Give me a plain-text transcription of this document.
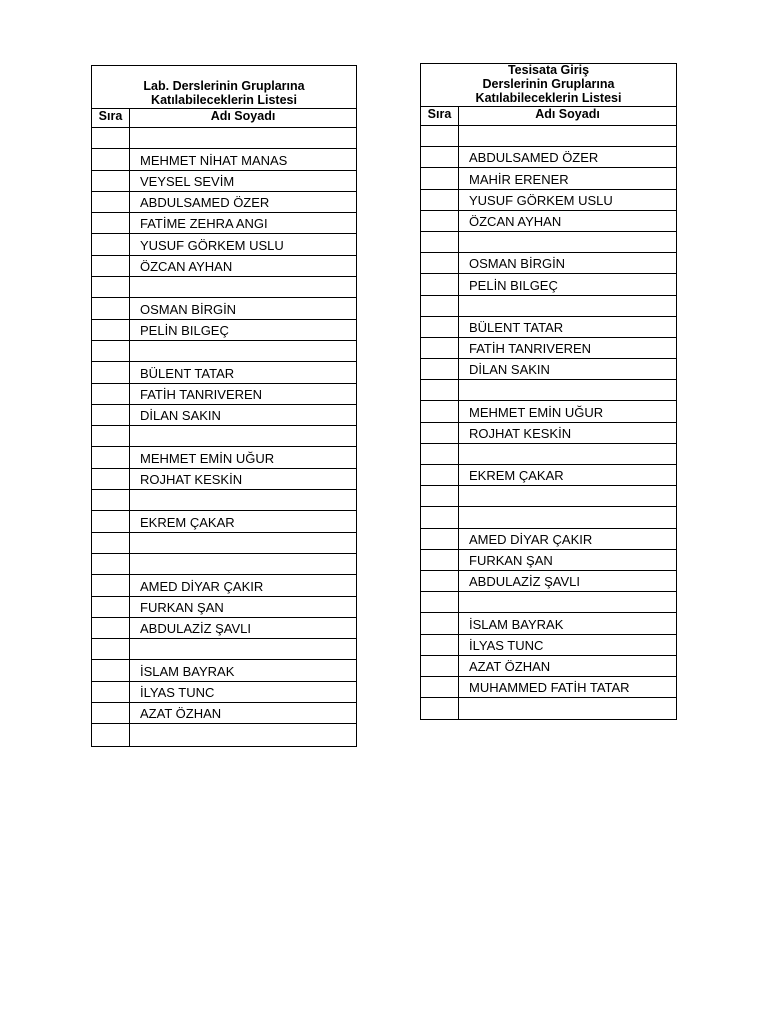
Lab. Derslerinin Gruplarına
Katılabileceklerin Listesi
Sıra	Adı Soyadı
MEHMET NİHAT MANAS
VEYSEL SEVİM
ABDULSAMED ÖZER
FATİME ZEHRA ANGI
YUSUF GÖRKEM USLU
ÖZCAN AYHAN
OSMAN BİRGİN
PELİN BILGEÇ
BÜLENT TATAR
FATİH TANRIVEREN
DİLAN SAKIN
MEHMET EMİN UĞUR
ROJHAT KESKİN
EKREM ÇAKAR
AMED DİYAR ÇAKIR
FURKAN ŞAN
ABDULAZİZ ŞAVLI
İSLAM BAYRAK
İLYAS TUNC
AZAT ÖZHAN
Tesisata Giriş
Derslerinin Gruplarına
Katılabileceklerin Listesi
Sıra	Adı Soyadı
ABDULSAMED ÖZER
MAHİR ERENER
YUSUF GÖRKEM USLU
ÖZCAN AYHAN
OSMAN BİRGİN
PELİN BILGEÇ
BÜLENT TATAR
FATİH TANRIVEREN
DİLAN SAKIN
MEHMET EMİN UĞUR
ROJHAT KESKİN
EKREM ÇAKAR
AMED DİYAR ÇAKIR
FURKAN ŞAN
ABDULAZİZ ŞAVLI
İSLAM BAYRAK
İLYAS TUNC
AZAT ÖZHAN
MUHAMMED FATİH TATAR
